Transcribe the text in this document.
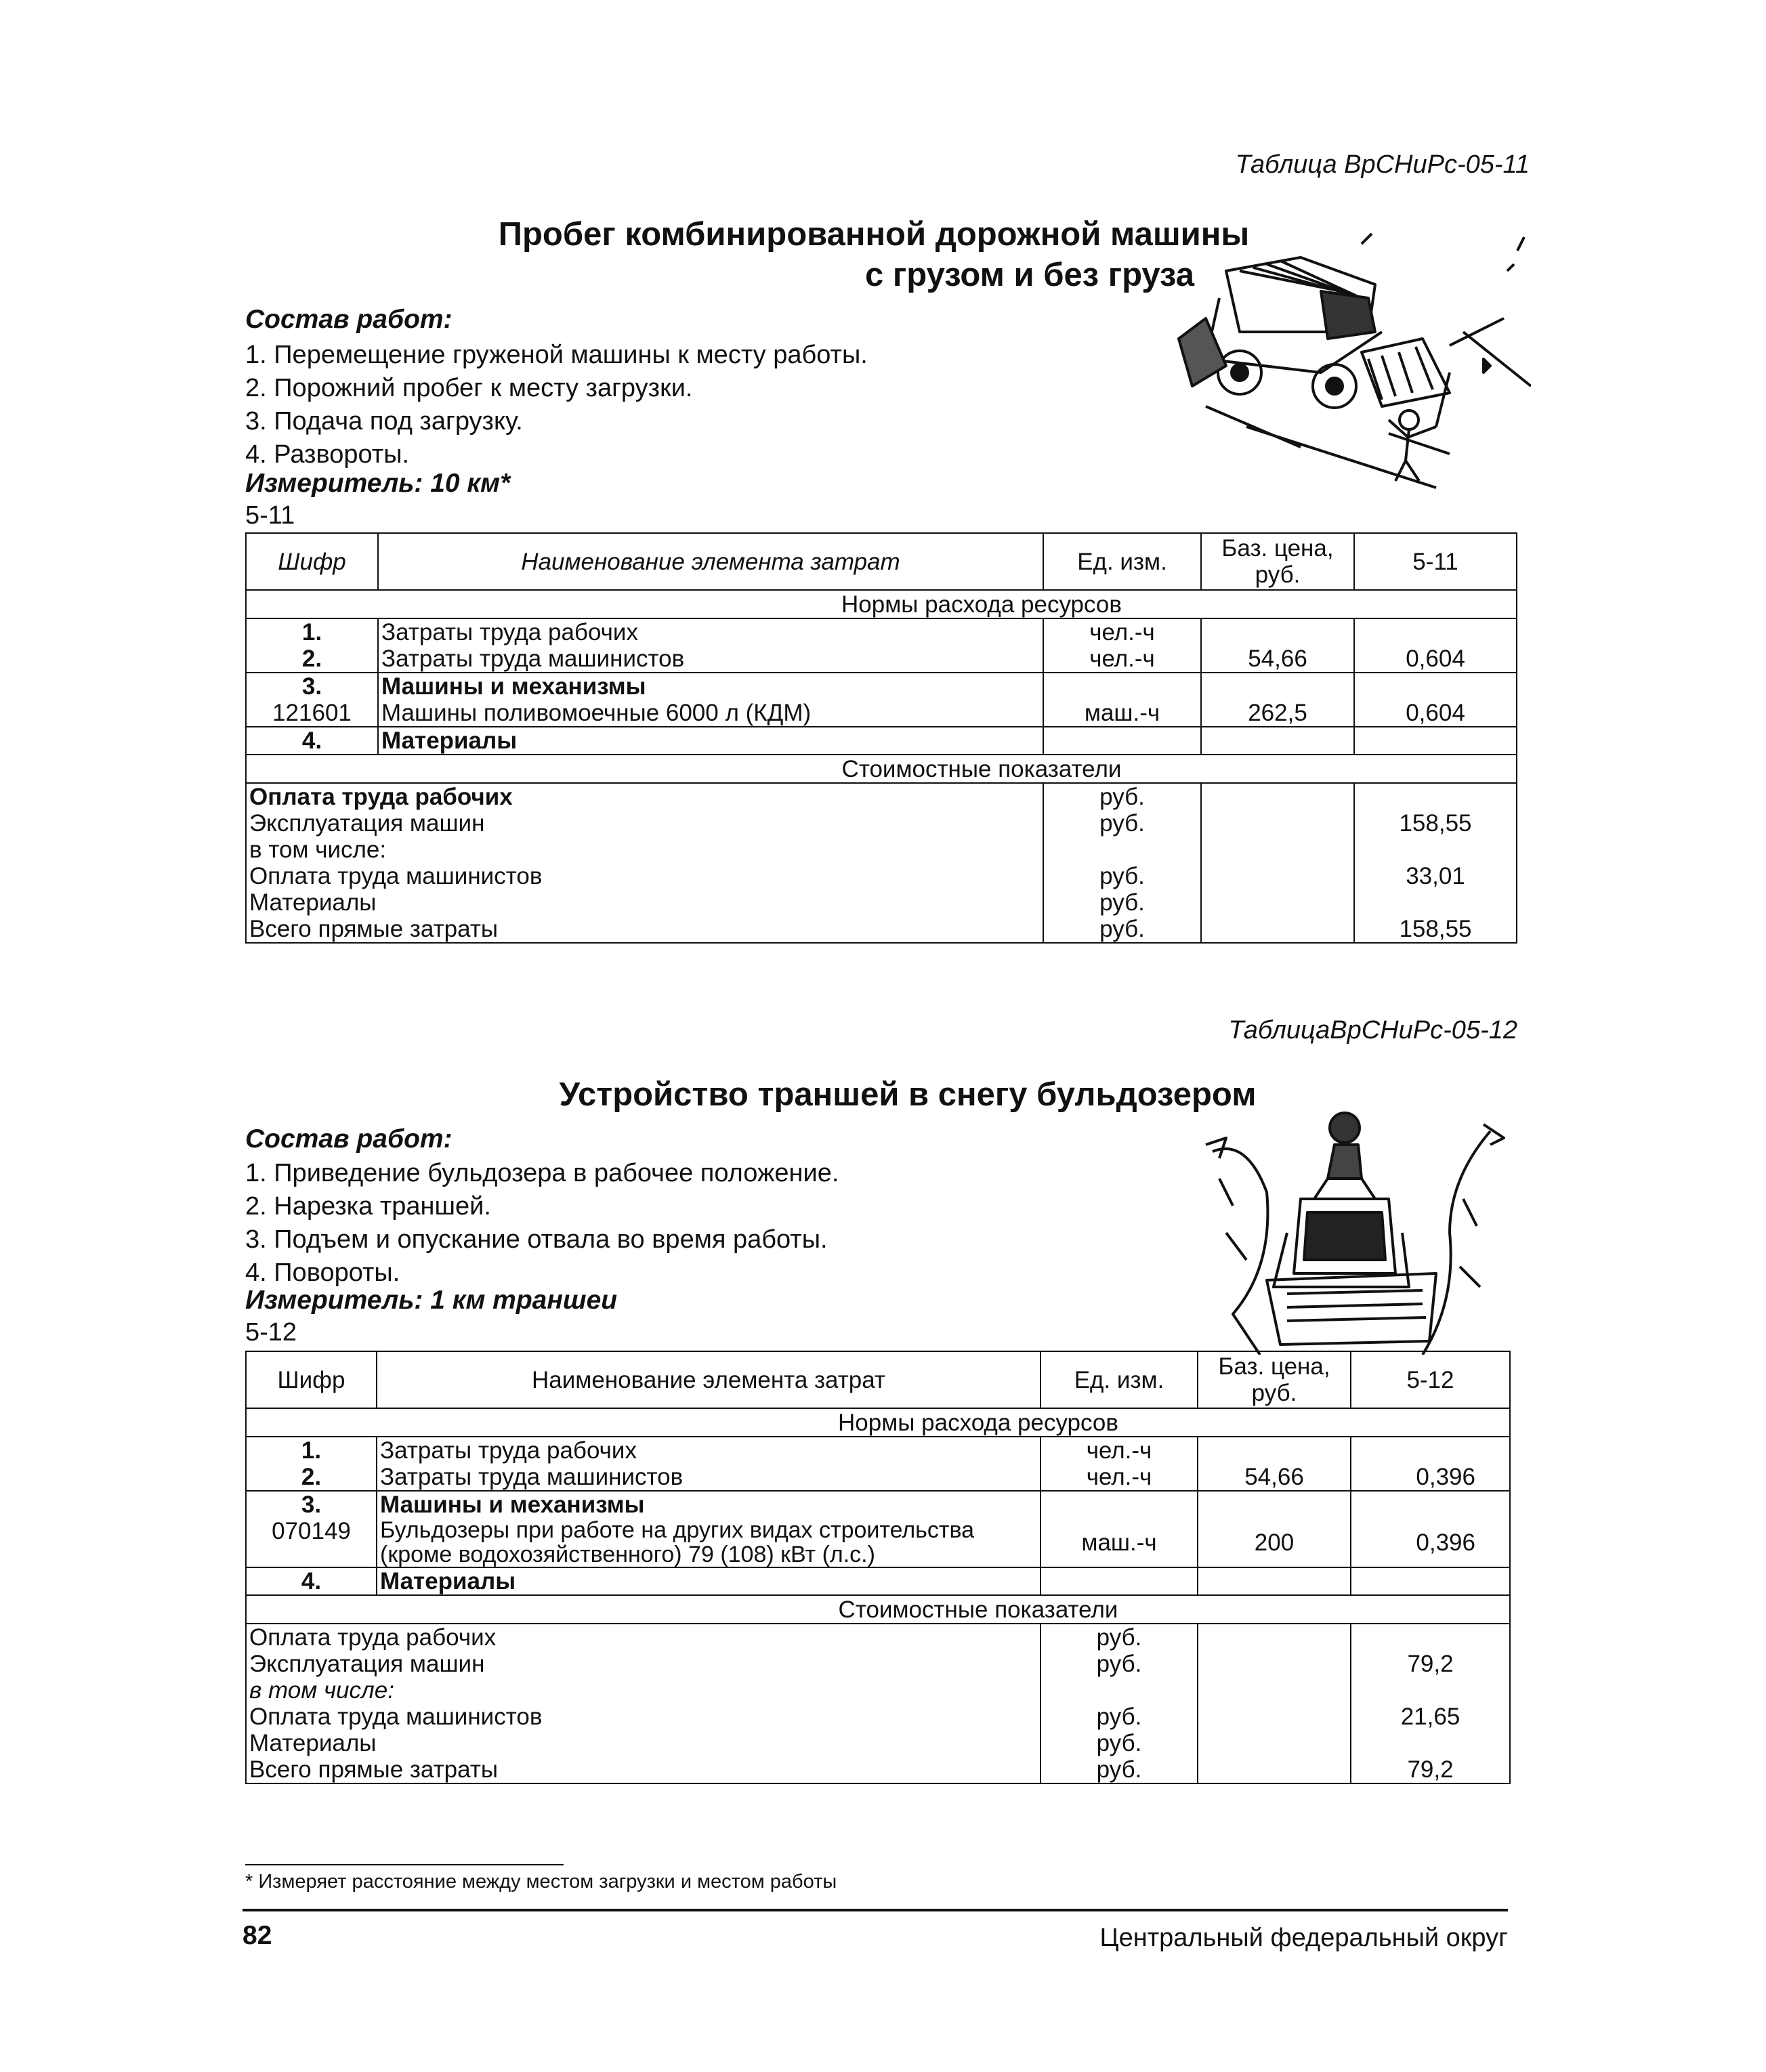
Таблица ВрСНиРс-05-11
Пробег комбинированной дорожной машины
с грузом и без груза
Состав работ:
1. Перемещение груженой машины к месту работы.
2. Порожний пробег к месту загрузки.
3. Подача под загрузку.
4. Развороты.
Измеритель: 10 км*
5-11
Шифр	Наименование элемента затрат	Ед. изм.	Баз. цена, руб.	5-11
Нормы расхода ресурсов				
1.	Затраты труда рабочих	чел.-ч		
2.	Затраты труда машинистов	чел.-ч	54,66	0,604
3.	Машины и механизмы			
121601	Машины поливомоечные 6000 л (КДМ)	маш.-ч	262,5	0,604
4.	Материалы			
Стоимостные показатели				
Оплата труда рабочих		руб.		
Эксплуатация машин		руб.		158,55
в том числе:				
Оплата труда машинистов		руб.		33,01
Материалы		руб.		
Всего прямые затраты		руб.		158,55
ТаблицаВрСНиРс-05-12
Устройство траншей в снегу бульдозером
Состав работ:
1. Приведение бульдозера в рабочее положение.
2. Нарезка траншей.
3. Подъем и опускание отвала во время работы.
4. Повороты.
Измеритель: 1 км траншеи
5-12
Шифр	Наименование элемента затрат	Ед. изм.	Баз. цена, руб.	5-12
Нормы расхода ресурсов				
1.	Затраты труда рабочих	чел.-ч		
2.	Затраты труда машинистов	чел.-ч	54,66	0,396
3.	Машины и механизмы			
070149	Бульдозеры при работе на других видах строительства (кроме водохозяйственного) 79 (108) кВт (л.с.)	маш.-ч	200	0,396
4.	Материалы			
Стоимостные показатели				
Оплата труда рабочих		руб.		
Эксплуатация машин		руб.		79,2
в том числе:				
Оплата труда машинистов		руб.		21,65
Материалы		руб.		
Всего прямые затраты		руб.		79,2
* Измеряет расстояние между местом загрузки и местом работы
82	Центральный федеральный округ
